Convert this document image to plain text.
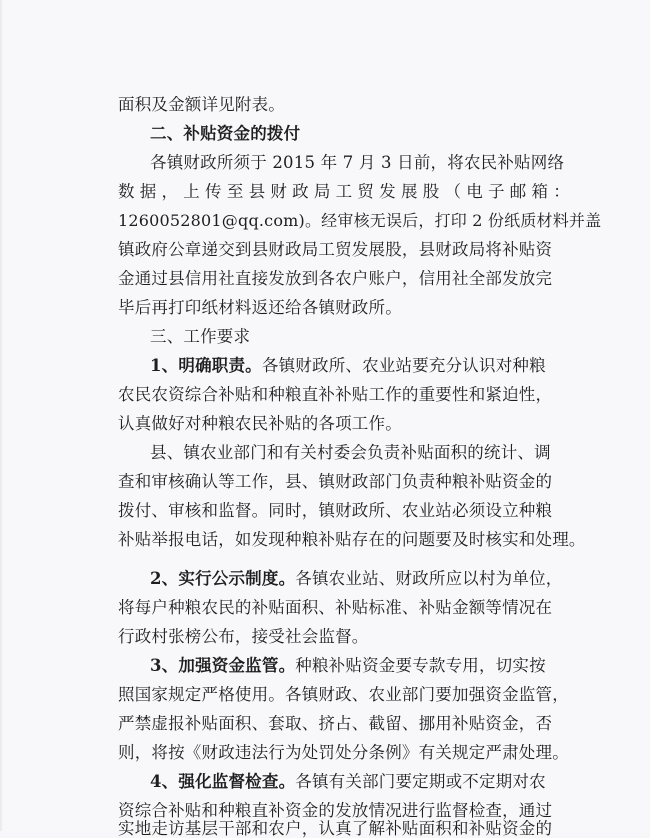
面积及金额详见附表。
二、补贴资金的拨付
各镇财政所须于 2015 年 7 月 3 日前，将农民补贴网络
数据，上传至县财政局工贸发展股（电子邮箱：
1260052801@qq.com)。经审核无误后，打印 2 份纸质材料并盖
镇政府公章递交到县财政局工贸发展股，县财政局将补贴资
金通过县信用社直接发放到各农户账户，信用社全部发放完
毕后再打印纸材料返还给各镇财政所。
三、工作要求
1、明确职责。各镇财政所、农业站要充分认识对种粮
农民农资综合补贴和种粮直补补贴工作的重要性和紧迫性，
认真做好对种粮农民补贴的各项工作。
县、镇农业部门和有关村委会负责补贴面积的统计、调
查和审核确认等工作，县、镇财政部门负责种粮补贴资金的
拨付、审核和监督。同时，镇财政所、农业站必须设立种粮
补贴举报电话，如发现种粮补贴存在的问题要及时核实和处理。
2、实行公示制度。各镇农业站、财政所应以村为单位，
将每户种粮农民的补贴面积、补贴标准、补贴金额等情况在
行政村张榜公布，接受社会监督。
3、加强资金监管。种粮补贴资金要专款专用，切实按
照国家规定严格使用。各镇财政、农业部门要加强资金监管，
严禁虚报补贴面积、套取、挤占、截留、挪用补贴资金，否
则，将按《财政违法行为处罚处分条例》有关规定严肃处理。
4、强化监督检查。各镇有关部门要定期或不定期对农
资综合补贴和种粮直补资金的发放情况进行监督检查，通过
实地走访基层干部和农户，认真了解补贴面积和补贴资金的
